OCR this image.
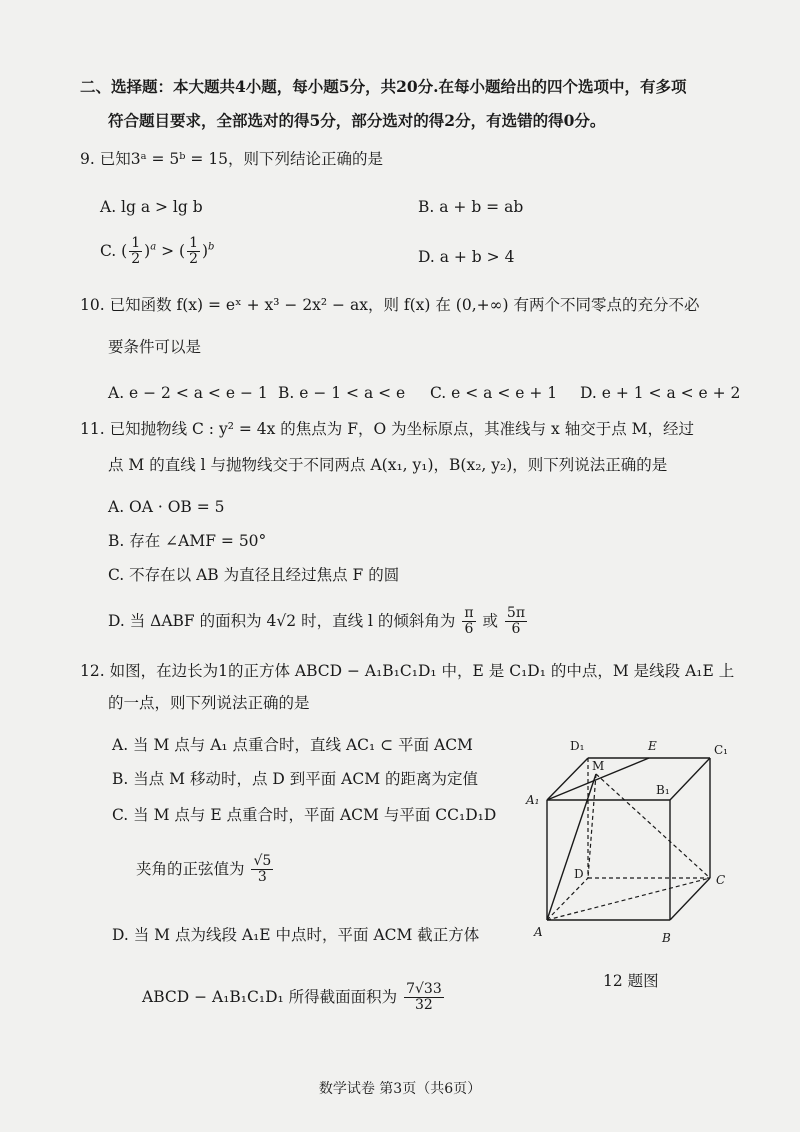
二、选择题：本大题共4小题，每小题5分，共20分.在每小题给出的四个选项中，有多项
符合题目要求，全部选对的得5分，部分选对的得2分，有选错的得0分。
9. 已知3ᵃ = 5ᵇ = 15，则下列结论正确的是
A. lg a > lg b	B. a + b = ab
C. ( $\frac{1}{2} )^a$ > ( $\frac{1}{2} )^b$
D. a + b > 4
10. 已知函数 f(x) = eˣ + x³ − 2x² − ax，则 f(x) 在 (0,+∞) 有两个不同零点的充分不必
要条件可以是
A. e − 2 < a < e − 1 B. e − 1 < a < e C. e < a < e + 1 D. e + 1 < a < e + 2
11. 已知抛物线 C : y² = 4x 的焦点为 F，O 为坐标原点，其准线与 x 轴交于点 M，经过
点 M 的直线 l 与抛物线交于不同两点 A(x₁, y₁)，B(x₂, y₂)，则下列说法正确的是
A. OA · OB = 5
B. 存在 ∠AMF = 50°
C. 不存在以 AB 为直径且经过焦点 F 的圆
D. 当 ΔABF 的面积为 4√2 时，直线 l 的倾斜角为 $\frac{\pi}{6}$ 或 $\frac{5\pi}{6}$
12. 如图，在边长为1的正方体 ABCD − A₁B₁C₁D₁ 中，E 是 C₁D₁ 的中点，M 是线段 A₁E 上
的一点，则下列说法正确的是
A. 当 M 点与 A₁ 点重合时，直线 AC₁ ⊂ 平面 ACM
B. 当点 M 移动时，点 D 到平面 ACM 的距离为定值
C. 当 M 点与 E 点重合时，平面 ACM 与平面 CC₁D₁D
夹角的正弦值为 $\frac{√5}{3}$
D. 当 M 点为线段 A₁E 中点时，平面 ACM 截正方体
ABCD − A₁B₁C₁D₁ 所得截面面积为 $\frac{7√33}{32}$
D₁	E	C₁
M
A₁
B₁
D	C
A	B
12 题图
数学试卷 第3页（共6页）
